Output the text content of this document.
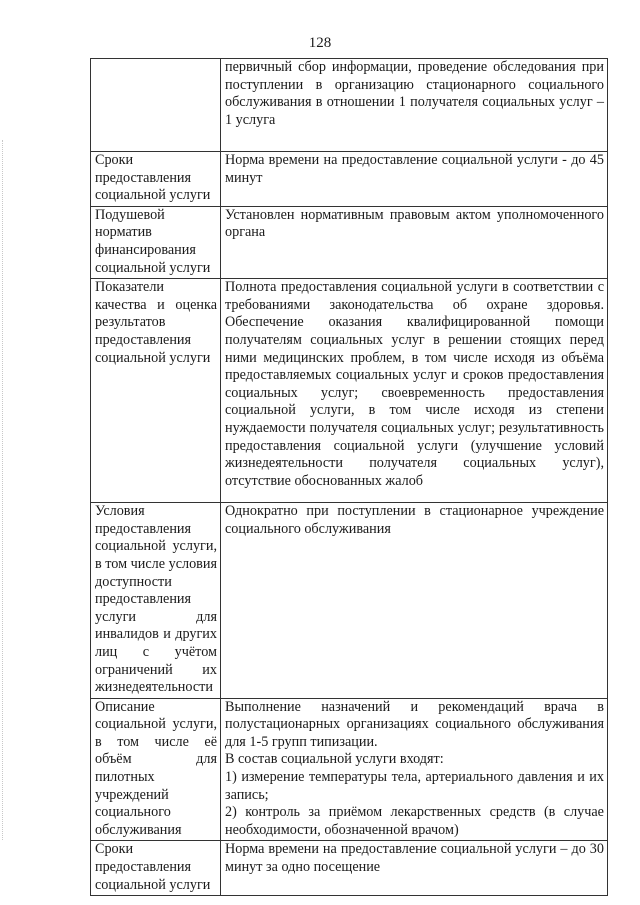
128
	первичный сбор информации, проведение обследования при поступлении в организацию стационарного социального обслуживания в отношении 1 получателя социальных услуг – 1 услуга
Сроки предоставления социальной услуги	Норма времени на предоставление социальной услуги - до 45 минут
Подушевой норматив финансирования социальной услуги	Установлен нормативным правовым актом уполномоченного органа
Показатели качества и оценка результатов предоставления социальной услуги	Полнота предоставления социальной услуги в соответствии с требованиями законодательства об охране здоровья. Обеспечение оказания квалифицированной помощи получателям социальных услуг в решении стоящих перед ними медицинских проблем, в том числе исходя из объёма предоставляемых социальных услуг и сроков предоставления социальных услуг; своевременность предоставления социальной услуги, в том числе исходя из степени нуждаемости получателя социальных услуг; результативность предоставления социальной услуги (улучшение условий жизнедеятельности получателя социальных услуг), отсутствие обоснованных жалоб
Условия предоставления социальной услуги, в том числе условия доступности предоставления услуги для инвалидов и других лиц с учётом ограничений их жизнедеятельности	Однократно при поступлении в стационарное учреждение социального обслуживания
Описание социальной услуги, в том числе её объём для пилотных учреждений социального обслуживания	Выполнение назначений и рекомендаций врача в полустационарных организациях социального обслуживания для 1-5 групп типизации.
В состав социальной услуги входят:
1) измерение температуры тела, артериального давления и их запись;
2) контроль за приёмом лекарственных средств (в случае необходимости, обозначенной врачом)

Сроки предоставления социальной услуги	Норма времени на предоставление социальной услуги – до 30 минут за одно посещение
